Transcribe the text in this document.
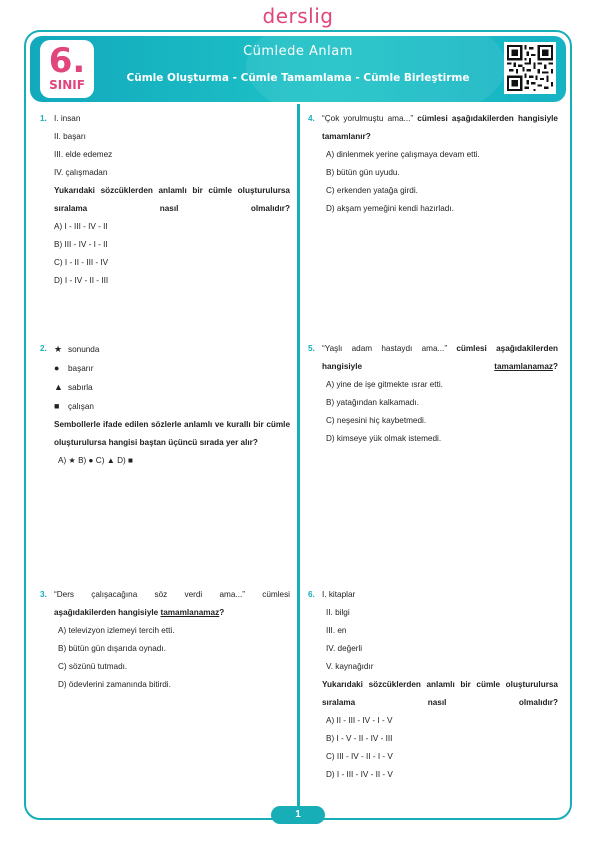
derslig
6.
SINIF
Cümlede Anlam
Cümle Oluşturma - Cümle Tamamlama - Cümle Birleştirme
1. I. insan
II. başarı
III. elde edemez
IV. çalışmadan
Yukarıdaki sözcüklerden anlamlı bir cümle oluşturulursa sıralama nasıl olmalıdır?
A) I - III - IV - II
B) III - IV - I - II
C) I - II - III - IV
D) I - IV - II - III
2. ★ sonunda
● başarır
▲ sabırla
■ çalışan
Sembollerle ifade edilen sözlerle anlamlı ve kurallı bir cümle oluşturulursa hangisi baştan üçüncü sırada yer alır?
A) ★ B) ● C) ▲ D) ■
3. “Ders çalışacağına söz verdi ama...” cümlesi
aşağıdakilerden hangisiyle tamamlanamaz?
A) televizyon izlemeyi tercih etti.
B) bütün gün dışarıda oynadı.
C) sözünü tutmadı.
D) ödevlerini zamanında bitirdi.
4. “Çok yorulmuştu ama...” cümlesi aşağıdakilerden hangisiyle tamamlanır?
A) dinlenmek yerine çalışmaya devam etti.
B) bütün gün uyudu.
C) erkenden yatağa girdi.
D) akşam yemeğini kendi hazırladı.
5. “Yaşlı adam hastaydı ama...” cümlesi aşağıdakilerden hangisiyle	tamamlanamaz?
A) yine de işe gitmekte ısrar etti.
B) yatağından kalkamadı.
C) neşesini hiç kaybetmedi.
D) kimseye yük olmak istemedi.
6. I. kitaplar
II. bilgi
III. en
IV. değerli
V. kaynağıdır
Yukarıdaki sözcüklerden anlamlı bir cümle oluşturulursa sıralama nasıl olmalıdır?
A) II - III - IV - I - V
B) I - V - II - IV - III
C) III - IV - II - I - V
D) I - III - IV - II - V
1
